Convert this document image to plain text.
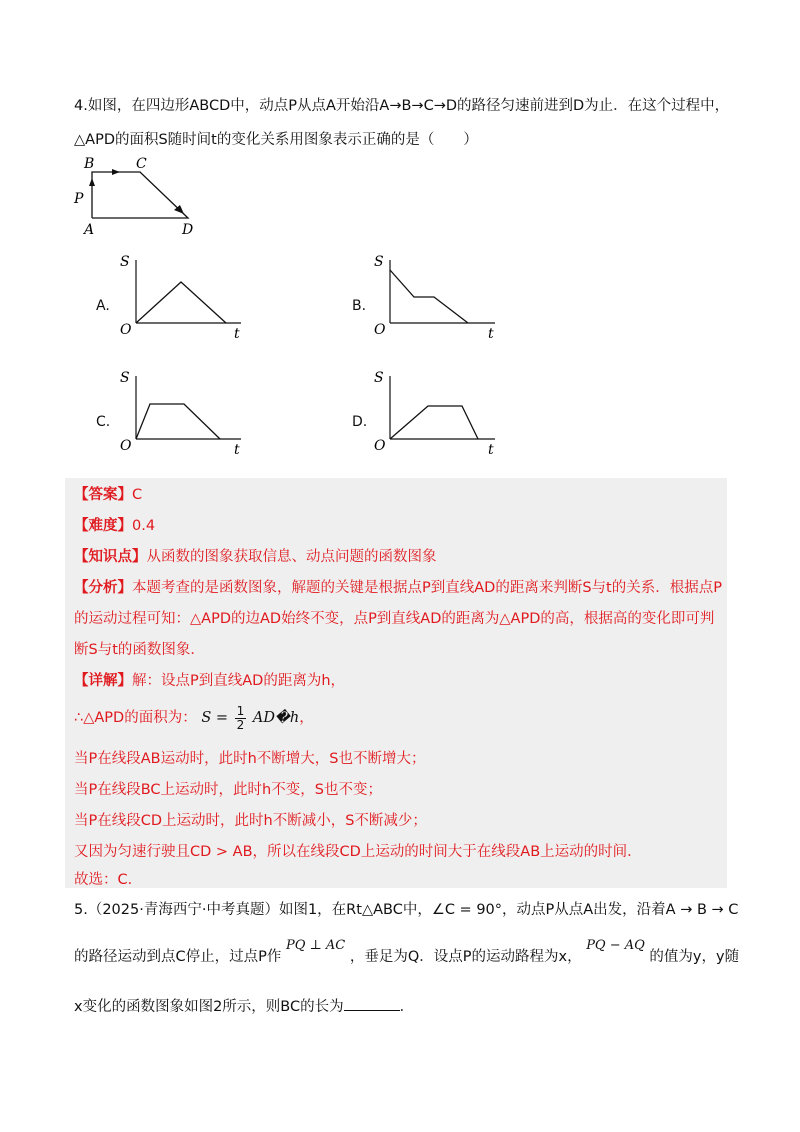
4.如图，在四边形ABCD中，动点P从点A开始沿A→B→C→D的路径匀速前进到D为止．在这个过程中，
△APD的面积S随时间t的变化关系用图象表示正确的是（　　）
B	C
P
A	D
A.
S
O	t
B.
S
O	t
C.
S
O	t
D.
S
O	t
【答案】C
【难度】0.4
【知识点】从函数的图象获取信息、动点问题的函数图象
【分析】本题考查的是函数图象，解题的关键是根据点P到直线AD的距离来判断S与t的关系．根据点P
的运动过程可知：△APD的边AD始终不变，点P到直线AD的距离为△APD的高，根据高的变化即可判
断S与t的函数图象．
【详解】解：设点P到直线AD的距离为h，
∴△APD的面积为： $S = \frac{1}{2}$ AD�h，
当P在线段AB运动时，此时h不断增大，S也不断增大；
当P在线段BC上运动时，此时h不变，S也不变；
当P在线段CD上运动时，此时h不断减小，S不断减少；
又因为匀速行驶且CD > AB，所以在线段CD上运动的时间大于在线段AB上运动的时间．
故选：C．
5.（2025·青海西宁·中考真题）如图1，在Rt△ABC中，∠C = 90°，动点P从点A出发，沿着A → B → C
的路径运动到点C停止，过点P作 PQ ⊥ AC ，垂足为Q．设点P的运动路程为x， PQ − AQ 的值为y，y随
x变化的函数图象如图2所示，则BC的长为	．
